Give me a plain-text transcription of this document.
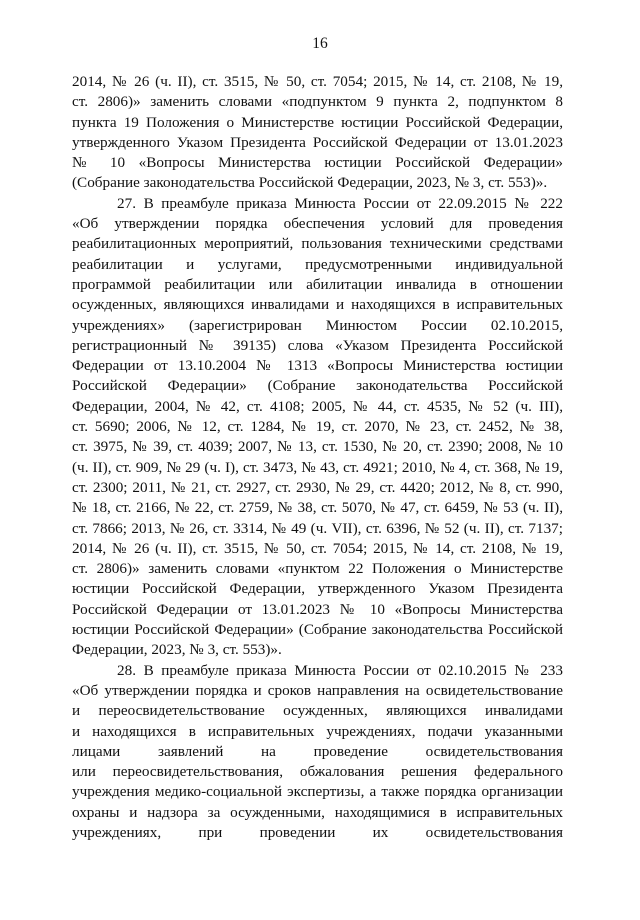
16
2014, № 26 (ч. II), ст. 3515, № 50, ст. 7054; 2015, № 14, ст. 2108, № 19,
ст. 2806)» заменить словами «подпунктом 9 пункта 2, подпунктом 8
пункта 19 Положения о Министерстве юстиции Российской Федерации,
утвержденного Указом Президента Российской Федерации от 13.01.2023
№ 10 «Вопросы Министерства юстиции Российской Федерации»
(Собрание законодательства Российской Федерации, 2023, № 3, ст. 553)».
27. В преамбуле приказа Минюста России от 22.09.2015 № 222
«Об утверждении порядка обеспечения условий для проведения
реабилитационных мероприятий, пользования техническими средствами
реабилитации и услугами, предусмотренными индивидуальной
программой реабилитации или абилитации инвалида в отношении
осужденных, являющихся инвалидами и находящихся в исправительных
учреждениях» (зарегистрирован Минюстом России 02.10.2015,
регистрационный № 39135) слова «Указом Президента Российской
Федерации от 13.10.2004 № 1313 «Вопросы Министерства юстиции
Российской Федерации» (Собрание законодательства Российской
Федерации, 2004, № 42, ст. 4108; 2005, № 44, ст. 4535, № 52 (ч. III),
ст. 5690; 2006, № 12, ст. 1284, № 19, ст. 2070, № 23, ст. 2452, № 38,
ст. 3975, № 39, ст. 4039; 2007, № 13, ст. 1530, № 20, ст. 2390; 2008, № 10
(ч. II), ст. 909, № 29 (ч. I), ст. 3473, № 43, ст. 4921; 2010, № 4, ст. 368, № 19,
ст. 2300; 2011, № 21, ст. 2927, ст. 2930, № 29, ст. 4420; 2012, № 8, ст. 990,
№ 18, ст. 2166, № 22, ст. 2759, № 38, ст. 5070, № 47, ст. 6459, № 53 (ч. II),
ст. 7866; 2013, № 26, ст. 3314, № 49 (ч. VII), ст. 6396, № 52 (ч. II), ст. 7137;
2014, № 26 (ч. II), ст. 3515, № 50, ст. 7054; 2015, № 14, ст. 2108, № 19,
ст. 2806)» заменить словами «пунктом 22 Положения о Министерстве
юстиции Российской Федерации, утвержденного Указом Президента
Российской Федерации от 13.01.2023 № 10 «Вопросы Министерства
юстиции Российской Федерации» (Собрание законодательства Российской
Федерации, 2023, № 3, ст. 553)».
28. В преамбуле приказа Минюста России от 02.10.2015 № 233
«Об утверждении порядка и сроков направления на освидетельствование
и переосвидетельствование осужденных, являющихся инвалидами
и находящихся в исправительных учреждениях, подачи указанными
лицами заявлений на проведение освидетельствования
или переосвидетельствования, обжалования решения федерального
учреждения медико-социальной экспертизы, а также порядка организации
охраны и надзора за осужденными, находящимися в исправительных
учреждениях, при проведении их освидетельствования
